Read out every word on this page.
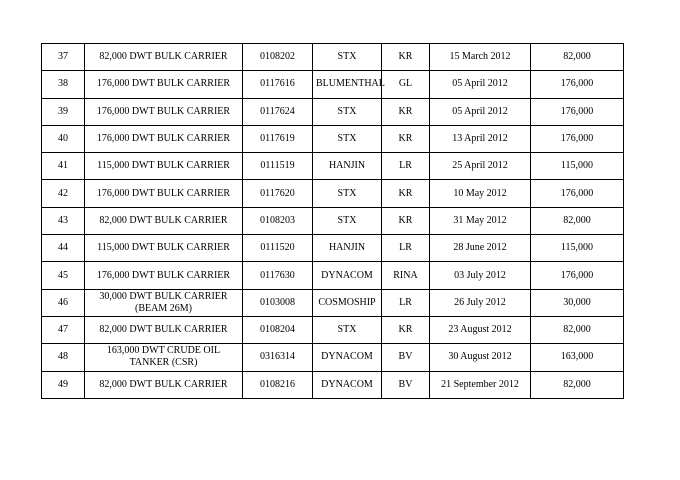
37	82,000 DWT BULK CARRIER	0108202	STX	KR	15 March 2012	82,000
38	176,000 DWT BULK CARRIER	0117616	BLUMENTHAL	GL	05 April 2012	176,000
39	176,000 DWT BULK CARRIER	0117624	STX	KR	05 April 2012	176,000
40	176,000 DWT BULK CARRIER	0117619	STX	KR	13 April 2012	176,000
41	115,000 DWT BULK CARRIER	0111519	HANJIN	LR	25 April 2012	115,000
42	176,000 DWT BULK CARRIER	0117620	STX	KR	10 May 2012	176,000
43	82,000 DWT BULK CARRIER	0108203	STX	KR	31 May 2012	82,000
44	115,000 DWT BULK CARRIER	0111520	HANJIN	LR	28 June 2012	115,000
45	176,000 DWT BULK CARRIER	0117630	DYNACOM	RINA	03 July 2012	176,000
46	30,000 DWT BULK CARRIER (BEAM 26M)	0103008	COSMOSHIP	LR	26 July 2012	30,000
47	82,000 DWT BULK CARRIER	0108204	STX	KR	23 August 2012	82,000
48	163,000 DWT CRUDE OIL TANKER (CSR)	0316314	DYNACOM	BV	30 August 2012	163,000
49	82,000 DWT BULK CARRIER	0108216	DYNACOM	BV	21 September 2012	82,000
